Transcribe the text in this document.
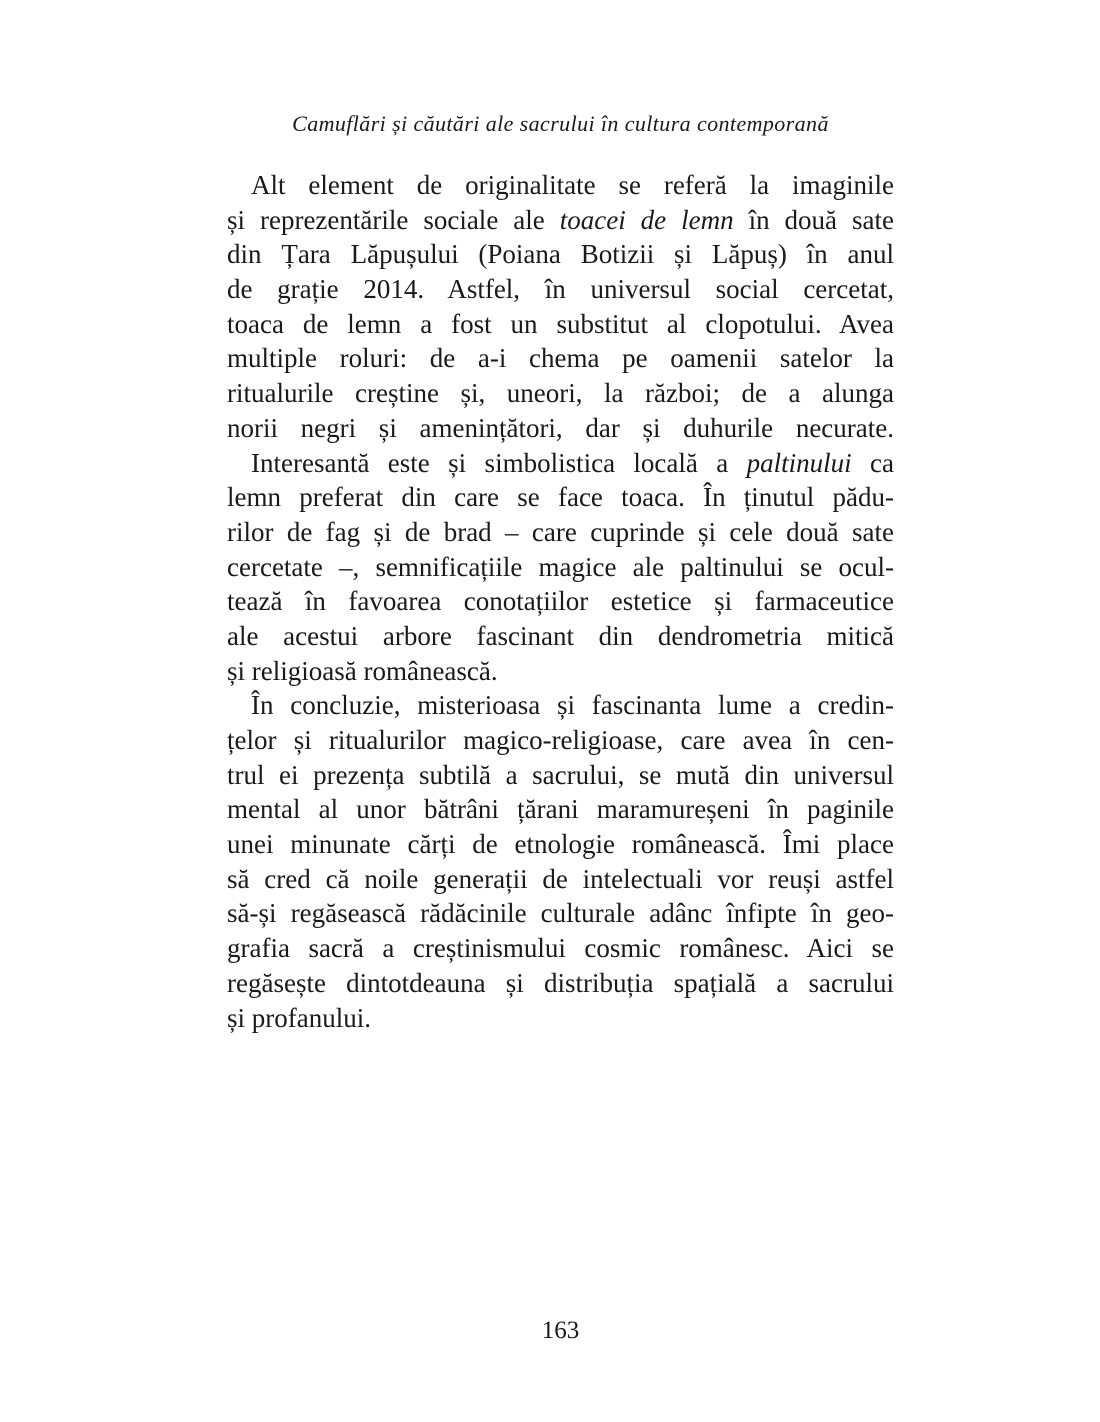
Camuflări și căutări ale sacrului în cultura contemporană
Alt element de originalitate se referă la imaginile
și reprezentările sociale ale toacei de lemn în două sate
din Țara Lăpușului (Poiana Botizii și Lăpuș) în anul
de grație 2014. Astfel, în universul social cercetat,
toaca de lemn a fost un substitut al clopotului. Avea
multiple roluri: de a-i chema pe oamenii satelor la
ritualurile creștine și, uneori, la război; de a alunga
norii negri și amenințători, dar și duhurile necurate.
Interesantă este și simbolistica locală a paltinului ca
lemn preferat din care se face toaca. În ținutul pădu-
rilor de fag și de brad – care cuprinde și cele două sate
cercetate –, semnificațiile magice ale paltinului se ocul-
tează în favoarea conotațiilor estetice și farmaceutice
ale acestui arbore fascinant din dendrometria mitică
și religioasă românească.
În concluzie, misterioasa și fascinanta lume a credin-
țelor și ritualurilor magico-religioase, care avea în cen-
trul ei prezența subtilă a sacrului, se mută din universul
mental al unor bătrâni țărani maramureșeni în paginile
unei minunate cărți de etnologie românească. Îmi place
să cred că noile generații de intelectuali vor reuși astfel
să-și regăsească rădăcinile culturale adânc înfipte în geo-
grafia sacră a creștinismului cosmic românesc. Aici se
regăsește dintotdeauna și distribuția spațială a sacrului
și profanului.
163
